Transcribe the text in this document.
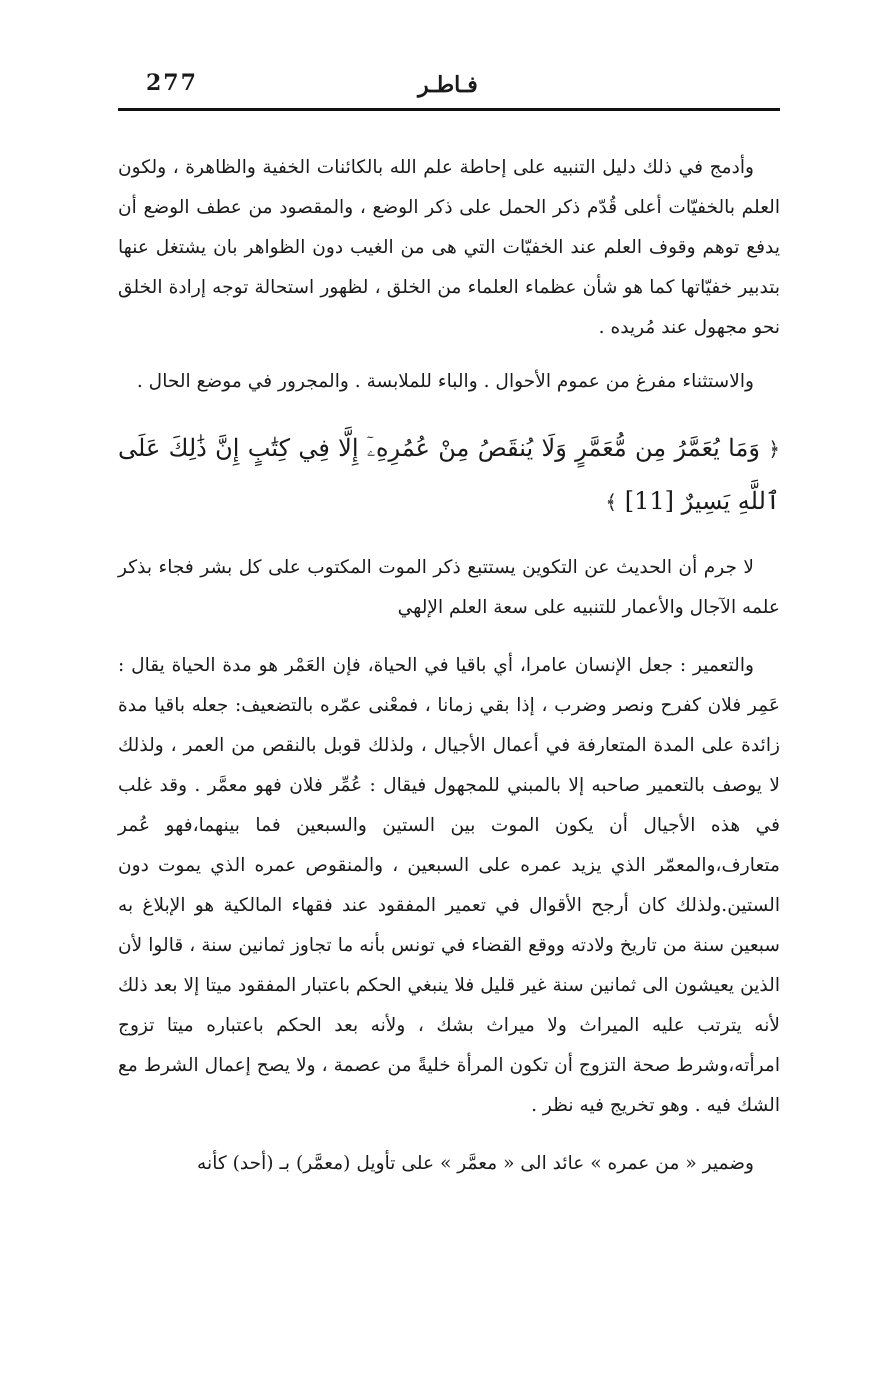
277	فـاطـر

وأدمج في ذلك دليل التنبيه على إحاطة علم الله بالكائنات الخفية والظاهرة ، ولكون العلم بالخفيّات أعلى قُدّم ذكر الحمل على ذكر الوضع ، والمقصود من عطف الوضع أن يدفع توهم وقوف العلم عند الخفيّات التي هى من الغيب دون الظواهر بان يشتغل عنها بتدبير خفيّاتها كما هو شأن عظماء العلماء من الخلق ، لظهور استحالة توجه إرادة الخلق نحو مجهول عند مُريده .

والاستثناء مفرغ من عموم الأحوال . والباء للملابسة . والمجرور في موضع الحال .

﴿ وَمَا يُعَمَّرُ مِن مُّعَمَّرٍ وَلَا يُنقَصُ مِنْ عُمُرِهِۦٓ إِلَّا فِي كِتَٰبٍ إِنَّ ذَٰلِكَ عَلَى ٱللَّهِ يَسِيرٌ [11] ﴾

لا جرم أن الحديث عن التكوين يستتبع ذكر الموت المكتوب على كل بشر فجاء بذكر علمه الآجال والأعمار للتنبيه على سعة العلم الإلهي

والتعمير : جعل الإنسان عامرا، أي باقيا في الحياة، فإن العَمْر هو مدة الحياة يقال : عَمِر فلان كفرح ونصر وضرب ، إذا بقي زمانا ، فمعْنى عمّره بالتضعيف: جعله باقيا مدة زائدة على المدة المتعارفة في أعمال الأجيال ، ولذلك قوبل بالنقص من العمر ، ولذلك لا يوصف بالتعمير صاحبه إلا بالمبني للمجهول فيقال : عُمِّر فلان فهو معمَّر . وقد غلب في هذه الأجيال أن يكون الموت بين الستين والسبعين فما بينهما،فهو عُمر متعارف،والمعمّر الذي يزيد عمره على السبعين ، والمنقوص عمره الذي يموت دون الستين.ولذلك كان أرجح الأقوال في تعمير المفقود عند فقهاء المالكية هو الإبلاغ به سبعين سنة من تاريخ ولادته ووقع القضاء في تونس بأنه ما تجاوز ثمانين سنة ، قالوا لأن الذين يعيشون الى ثمانين سنة غير قليل فلا ينبغي الحكم باعتبار المفقود ميتا إلا بعد ذلك لأنه يترتب عليه الميراث ولا ميراث بشك ، ولأنه بعد الحكم باعتباره ميتا تزوج امرأته،وشرط صحة التزوج أن تكون المرأة خليةً من عصمة ، ولا يصح إعمال الشرط مع الشك فيه . وهو تخريج فيه نظر .

وضمير « من عمره » عائد الى « معمَّر » على تأويل (معمَّر) بـ (أحد) كأنه
